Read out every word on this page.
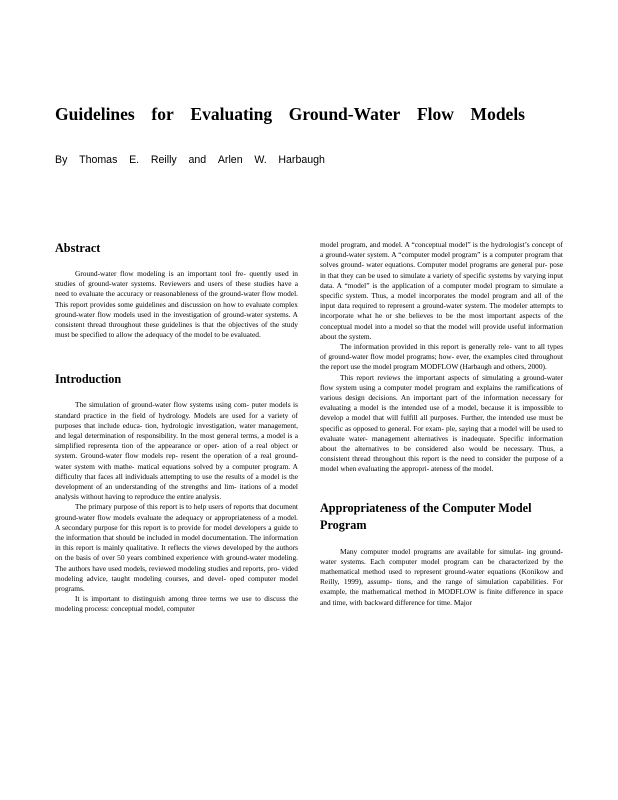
Guidelines for Evaluating Ground-Water Flow Models
By Thomas E. Reilly and Arlen W. Harbaugh
Abstract

Ground-water flow modeling is an important tool fre- quently used in studies of ground-water systems. Reviewers and users of these studies have a need to evaluate the accuracy or reasonableness of the ground-water flow model. This report provides some guidelines and discussion on how to evaluate complex ground-water flow models used in the investigation of ground-water systems. A consistent thread throughout these guidelines is that the objectives of the study must be specified to allow the adequacy of the model to be evaluated.

Introduction

The simulation of ground-water flow systems using com- puter models is standard practice in the field of hydrology. Models are used for a variety of purposes that include educa- tion, hydrologic investigation, water management, and legal determination of responsibility. In the most general terms, a model is a simplified representa tion of the appearance or oper- ation of a real object or system. Ground-water flow models rep- resent the operation of a real ground-water system with mathe- matical equations solved by a computer program. A difficulty that faces all individuals attempting to use the results of a model is the development of an understanding of the strengths and lim- itations of a model analysis without having to reproduce the entire analysis.

The primary purpose of this report is to help users of reports that document ground-water flow models evaluate the adequacy or appropriateness of a model. A secondary purpose for this report is to provide for model developers a guide to the information that should be included in model documentation. The information in this report is mainly qualitative. It reflects the views developed by the authors on the basis of over 50 years combined experience with ground-water modeling. The authors have used models, reviewed modeling studies and reports, pro- vided modeling advice, taught modeling courses, and devel- oped computer model programs.

It is important to distinguish among three terms we use to discuss the modeling process: conceptual model, computer

model program, and model. A “conceptual model” is the hydrologist’s concept of a ground-water system. A “computer model program” is a computer program that solves ground- water equations. Computer model programs are general pur- pose in that they can be used to simulate a variety of specific systems by varying input data. A “model” is the application of a computer model program to simulate a specific system. Thus, a model incorporates the model program and all of the input data required to represent a ground-water system. The modeler attempts to incorporate what he or she believes to be the most important aspects of the conceptual model into a model so that the model will provide useful information about the system.

The information provided in this report is generally rele- vant to all types of ground-water flow model programs; how- ever, the examples cited throughout the report use the model program MODFLOW (Harbaugh and others, 2000).

This report reviews the important aspects of simulating a ground-water flow system using a computer model program and explains the ramifications of various design decisions. An important part of the information necessary for evaluating a model is the intended use of a model, because it is impossible to develop a model that will fulfill all purposes. Further, the intended use must be specific as opposed to general. For exam- ple, saying that a model will be used to evaluate water- management alternatives is inadequate. Specific information about the alternatives to be considered also would be necessary. Thus, a consistent thread throughout this report is the need to consider the purpose of a model when evaluating the appropri- ateness of the model.

Appropriateness of the Computer Model Program

Many computer model programs are available for simulat- ing ground-water systems. Each computer model program can be characterized by the mathematical method used to represent ground-water equations (Konikow and Reilly, 1999), assump- tions, and the range of simulation capabilities. For example, the mathematical method in MODFLOW is finite difference in space and time, with backward difference for time. Major
